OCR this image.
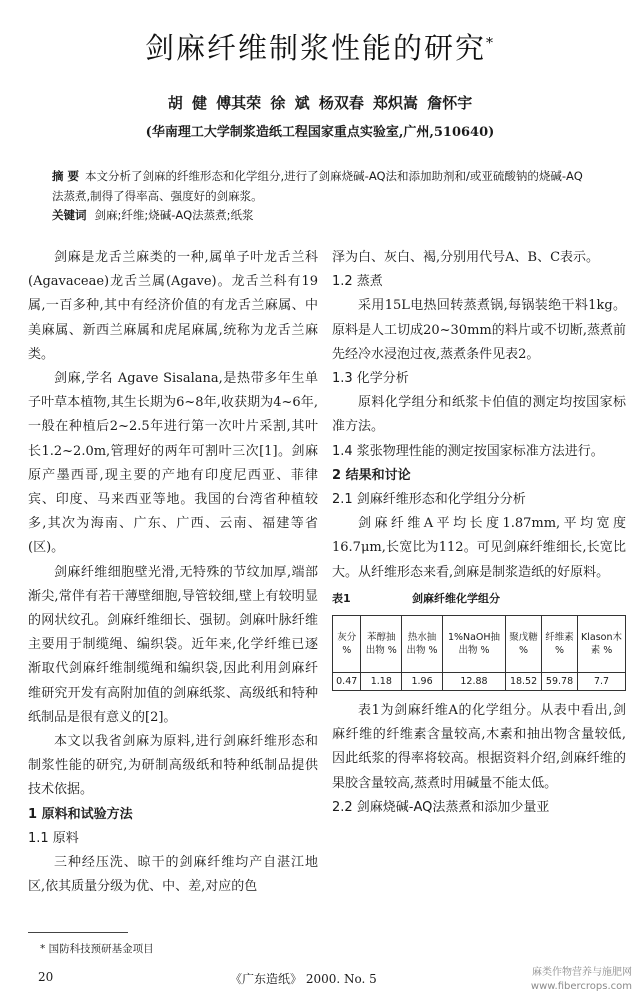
剑麻纤维制浆性能的研究*
胡 健 傅其荣 徐 斌 杨双春 郑炽嵩 詹怀宇
(华南理工大学制浆造纸工程国家重点实验室,广州,510640)
摘 要 本文分析了剑麻的纤维形态和化学组分,进行了剑麻烧碱-AQ法和添加助剂和/或亚硫酸钠的烧碱-AQ法蒸煮,制得了得率高、强度好的剑麻浆。
关键词 剑麻;纤维;烧碱-AQ法蒸煮;纸浆

剑麻是龙舌兰麻类的一种,属单子叶龙舌兰科(Agavaceae)龙舌兰属(Agave)。龙舌兰科有19属,一百多种,其中有经济价值的有龙舌兰麻属、中美麻属、新西兰麻属和虎尾麻属,统称为龙舌兰麻类。

剑麻,学名 Agave Sisalana,是热带多年生单子叶草本植物,其生长期为6~8年,收获期为4~6年,一般在种植后2~2.5年进行第一次叶片采割,其叶长1.2~2.0m,管理好的两年可割叶三次[1]。剑麻原产墨西哥,现主要的产地有印度尼西亚、菲律宾、印度、马来西亚等地。我国的台湾省种植较多,其次为海南、广东、广西、云南、福建等省(区)。

剑麻纤维细胞壁光滑,无特殊的节纹加厚,端部渐尖,常伴有若干薄壁细胞,导管较细,壁上有较明显的网状纹孔。剑麻纤维细长、强韧。剑麻叶脉纤维主要用于制缆绳、编织袋。近年来,化学纤维已逐渐取代剑麻纤维制缆绳和编织袋,因此利用剑麻纤维研究开发有高附加值的剑麻纸浆、高级纸和特种纸制品是很有意义的[2]。

本文以我省剑麻为原料,进行剑麻纤维形态和制浆性能的研究,为研制高级纸和特种纸制品提供技术依据。

1 原料和试验方法

1.1 原料

三种经压洗、晾干的剑麻纤维均产自湛江地区,依其质量分级为优、中、差,对应的色

泽为白、灰白、褐,分别用代号A、B、C表示。

1.2 蒸煮

采用15L电热回转蒸煮锅,每锅装绝干料1kg。原料是人工切成20~30mm的料片或不切断,蒸煮前先经冷水浸泡过夜,蒸煮条件见表2。

1.3 化学分析

原料化学组分和纸浆卡伯值的测定均按国家标准方法。

1.4 浆张物理性能的测定按国家标准方法进行。

2 结果和讨论

2.1 剑麻纤维形态和化学组分分析

剑麻纤维A平均长度1.87mm,平均宽度16.7μm,长宽比为112。可见剑麻纤维细长,长宽比大。从纤维形态来看,剑麻是制浆造纸的好原料。

表1	剑麻纤维化学组分
灰分 %	苯醇抽出物 %	热水抽出物 %	1%NaOH抽出物 %	聚戊糖 %	纤维素 %	Klason木素 %
0.47	1.18	1.96	12.88	18.52	59.78	7.7

表1为剑麻纤维A的化学组分。从表中看出,剑麻纤维的纤维素含量较高,木素和抽出物含量较低,因此纸浆的得率将较高。根据资料介绍,剑麻纤维的果胶含量较高,蒸煮时用碱量不能太低。

2.2 剑麻烧碱-AQ法蒸煮和添加少量亚

* 国防科技预研基金项目
20	《广东造纸》 2000. No. 5	麻类作物营养与施肥网
www.fibercrops.com
